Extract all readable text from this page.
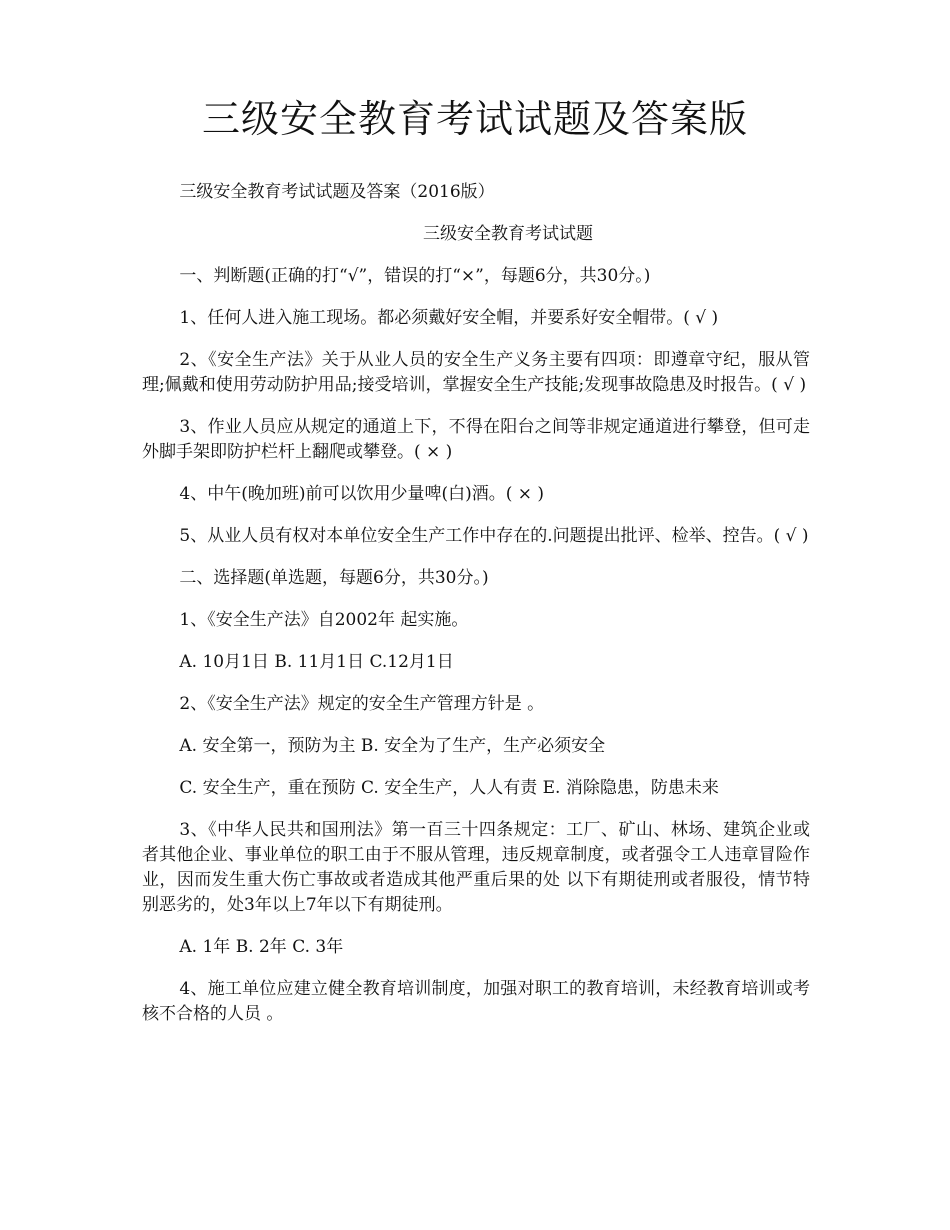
三级安全教育考试试题及答案版

三级安全教育考试试题及答案（2016版）

三级安全教育考试试题

一、判断题(正确的打“√”，错误的打“×”，每题6分，共30分。)

1、任何人进入施工现场。都必须戴好安全帽，并要系好安全帽带。( √ )

2、《安全生产法》关于从业人员的安全生产义务主要有四项：即遵章守纪，服从管理;佩戴和使用劳动防护用品;接受培训，掌握安全生产技能;发现事故隐患及时报告。( √ )

3、作业人员应从规定的通道上下，不得在阳台之间等非规定通道进行攀登，但可走外脚手架即防护栏杆上翻爬或攀登。( × )

4、中午(晚加班)前可以饮用少量啤(白)酒。( × )

5、从业人员有权对本单位安全生产工作中存在的.问题提出批评、检举、控告。( √ )

二、选择题(单选题，每题6分，共30分。)

1、《安全生产法》自2002年 起实施。

A. 10月1日 B. 11月1日 C.12月1日

2、《安全生产法》规定的安全生产管理方针是 。

A. 安全第一，预防为主 B. 安全为了生产，生产必须安全

C. 安全生产，重在预防 C. 安全生产，人人有责 E. 消除隐患，防患未来

3、《中华人民共和国刑法》第一百三十四条规定：工厂、矿山、林场、建筑企业或者其他企业、事业单位的职工由于不服从管理，违反规章制度，或者强令工人违章冒险作业，因而发生重大伤亡事故或者造成其他严重后果的处 以下有期徒刑或者服役，情节特别恶劣的，处3年以上7年以下有期徒刑。

A. 1年 B. 2年 C. 3年

4、施工单位应建立健全教育培训制度，加强对职工的教育培训，未经教育培训或考核不合格的人员 。
